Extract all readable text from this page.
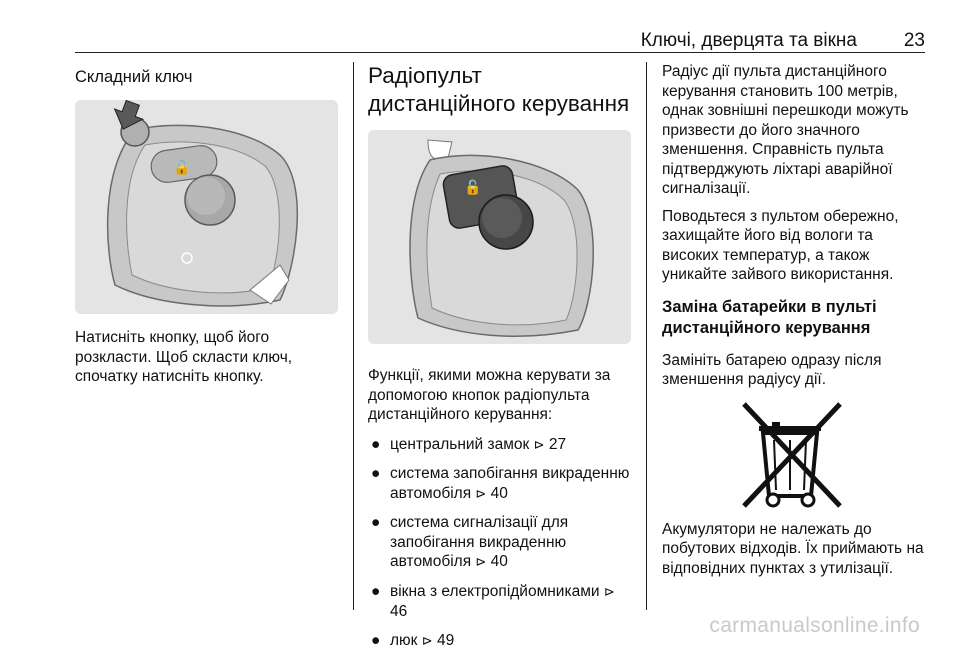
Ключі, дверцята та вікна 23
Складний ключ
🔓

Натисніть кнопку, щоб його розкласти. Щоб скласти ключ, спочатку натисніть кнопку.

Радіопульт дистанційного керування
🔓

Функції, якими можна керувати за допомогою кнопок радіопульта дистанційного керування:

● центральний замок ⊳ 27
● система запобігання викраденню автомобіля ⊳ 40
● система сигналізації для запобігання викраденню автомобіля ⊳ 40
● вікна з електропідйомниками ⊳ 46
● люк ⊳ 49

Радіус дії пульта дистанційного керування становить 100 метрів, однак зовнішні перешкоди можуть призвести до його значного зменшення. Справність пульта підтверджують ліхтарі аварійної сигналізації.

Поводьтеся з пультом обережно, захищайте його від вологи та високих температур, а також уникайте зайвого використання.

Заміна батарейки в пульті дистанційного керування

Замініть батарею одразу після зменшення радіусу дії.

Акумулятори не належать до побутових відходів. Їх приймають на відповідних пунктах з утилізації.

carmanualsonline.info
